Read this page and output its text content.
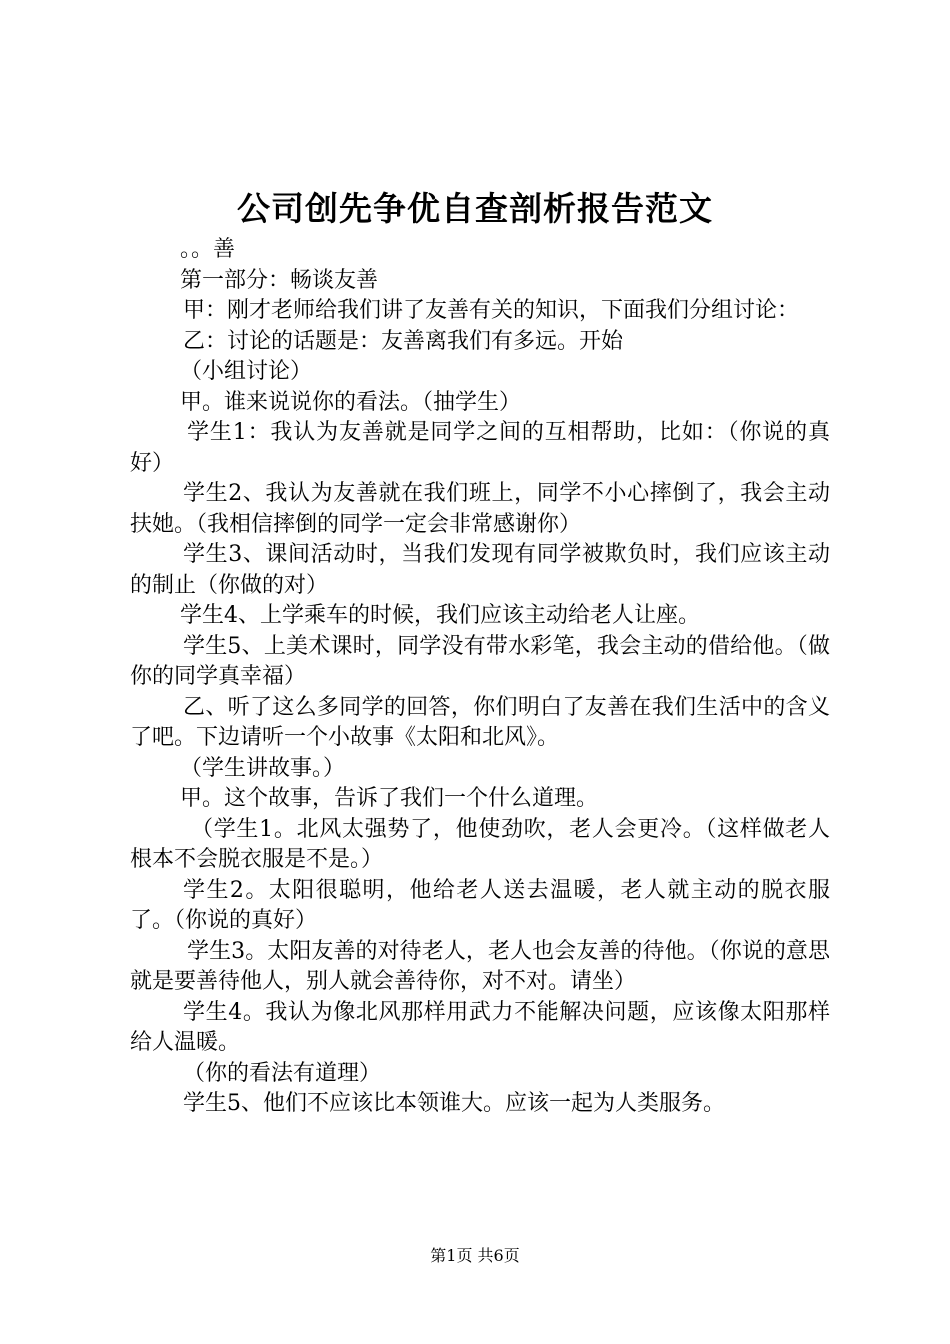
公司创先争优自查剖析报告范文

。。善

第一部分：畅谈友善

甲：刚才老师给我们讲了友善有关的知识，下面我们分组讨论：

乙：讨论的话题是：友善离我们有多远。开始

（小组讨论）

甲。谁来说说你的看法。（抽学生）

学生1：我认为友善就是同学之间的互相帮助，比如：（你说的真好）

学生2、我认为友善就在我们班上，同学不小心摔倒了，我会主动扶她。（我相信摔倒的同学一定会非常感谢你）

学生3、课间活动时，当我们发现有同学被欺负时，我们应该主动的制止（你做的对）

学生4、上学乘车的时候，我们应该主动给老人让座。

学生5、上美术课时，同学没有带水彩笔，我会主动的借给他。（做你的同学真幸福）

乙、听了这么多同学的回答，你们明白了友善在我们生活中的含义了吧。下边请听一个小故事《太阳和北风》。

（学生讲故事。）

甲。这个故事，告诉了我们一个什么道理。

（学生1。北风太强势了，他使劲吹，老人会更冷。（这样做老人根本不会脱衣服是不是。）

学生2。太阳很聪明，他给老人送去温暖，老人就主动的脱衣服了。（你说的真好）

学生3。太阳友善的对待老人，老人也会友善的待他。（你说的意思就是要善待他人，别人就会善待你，对不对。请坐）

学生4。我认为像北风那样用武力不能解决问题，应该像太阳那样给人温暖。

（你的看法有道理）

学生5、他们不应该比本领谁大。应该一起为人类服务。

第1页 共6页
